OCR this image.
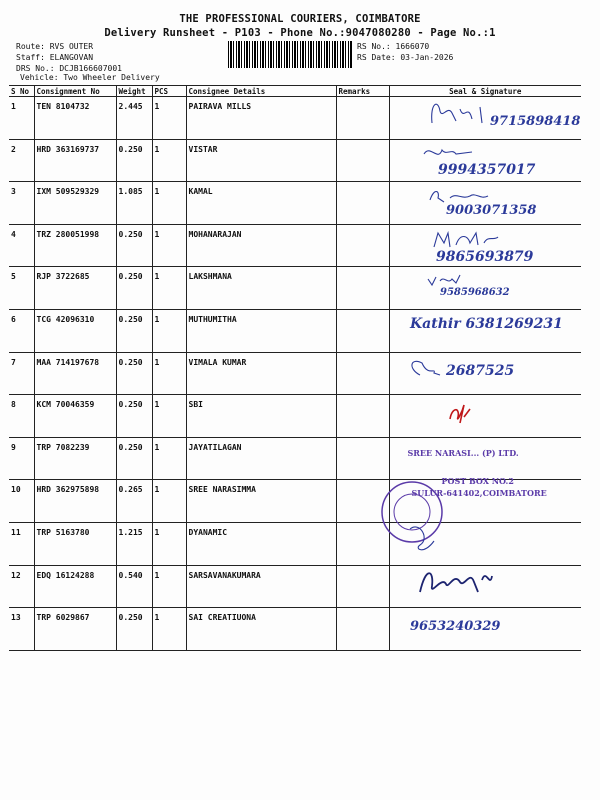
THE PROFESSIONAL COURIERS, COIMBATORE
Delivery Runsheet - P103 - Phone No.:9047080280 - Page No.:1
Route: RVS OUTER
Staff: ELANGOVAN
DRS No.: DCJB166607001
Vehicle: Two Wheeler Delivery
RS No.: 1666070
RS Date: 03-Jan-2026
S No	Consignment No	Weight	PCS	Consignee Details	Remarks	Seal & Signature
1	TEN 8104732	2.445	1	PAIRAVA MILLS		9715898418

2	HRD 363169737	0.250	1	VISTAR		9994357017

3	IXM 509529329	1.085	1	KAMAL		9003071358

4	TRZ 280051998	0.250	1	MOHANARAJAN		9865693879

5	RJP 3722685	0.250	1	LAKSHMANA		9585968632

6	TCG 42096310	0.250	1	MUTHUMITHA		Kathir 6381269231

7	MAA 714197678	0.250	1	VIMALA KUMAR		2687525

8	KCM 70046359	0.250	1	SBI		

9	TRP 7082239	0.250	1	JAYATILAGAN		SREE NARASI... (P) LTD.

10	HRD 362975898	0.265	1	SREE NARASIMMA		POST BOX NO.2
SULUR-641402,COIMBATORE

11	TRP 5163780	1.215	1	DYANAMIC		

12	EDQ 16124288	0.540	1	SARSAVANAKUMARA		

13	TRP 6029867	0.250	1	SAI CREATIUONA		9653240329
